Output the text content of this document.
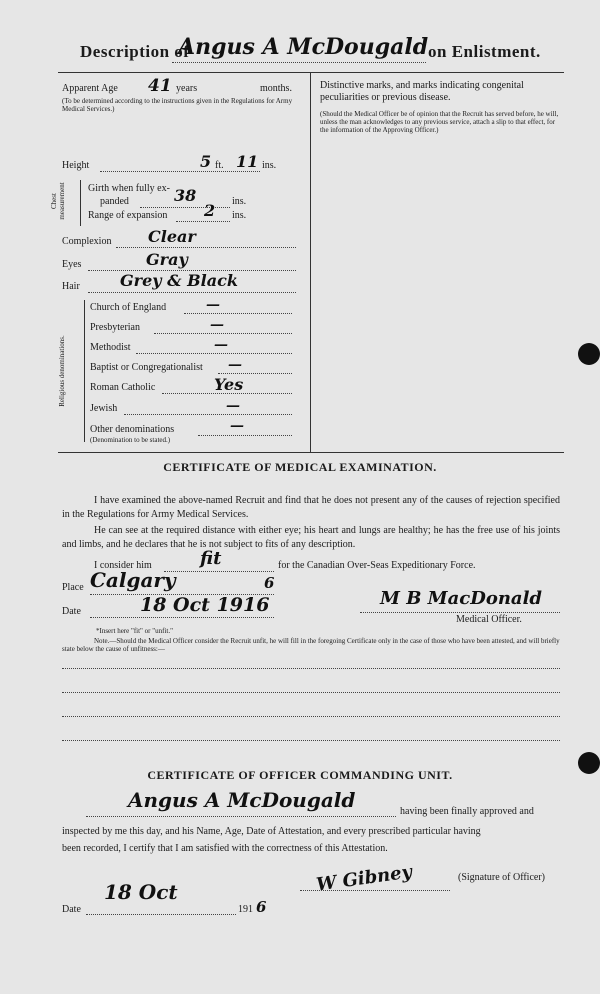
Description of
Angus A McDougald on Enlistment.
Apparent Age 41 years	months.
(To be determined according to the instructions given in the Regulations for Army Medical Services.)
Height	5 ft. 11 ins.
Chest measurement Girth when fully ex-
panded	38	ins.
Range of expansion 2 ins.
Complexion Clear
Eyes	Gray
Hair	Grey & Black
Religious denominations.
Church of England	—
Presbyterian	—
Methodist	—
Baptist or Congregationalist —
Roman Catholic	Yes
Jewish	—
Other denominations	—
(Denomination to be stated.)
Distinctive marks, and marks indicating congenital peculiarities or previous disease.
(Should the Medical Officer be of opinion that the Recruit has served before, he will, unless the man acknowledges to any previous service, attach a slip to that effect, for the information of the Approving Officer.)
CERTIFICATE OF MEDICAL EXAMINATION.
I have examined the above-named Recruit and find that he does not present any of the causes of rejection specified in the Regulations for Army Medical Services.
He can see at the required distance with either eye; his heart and lungs are healthy; he has the free use of his joints and limbs, and he declares that he is not subject to fits of any description.
I consider him	fit	for the Canadian Over-Seas Expeditionary Force.
Place Calgary	6
Date	18 Oct 1916	M B MacDonald
Medical Officer.
*Insert here "fit" or "unfit."
Note.—Should the Medical Officer consider the Recruit unfit, he will fill in the foregoing Certificate only in the case of those who have been attested, and will briefly state below the cause of unfitness:—
CERTIFICATE OF OFFICER COMMANDING UNIT.
Angus A McDougald	having been finally approved and
inspected by me this day, and his Name, Age, Date of Attestation, and every prescribed particular having
been recorded, I certify that I am satisfied with the correctness of this Attestation.
W Gibney	(Signature of Officer)
Date
18 Oct
191 6
